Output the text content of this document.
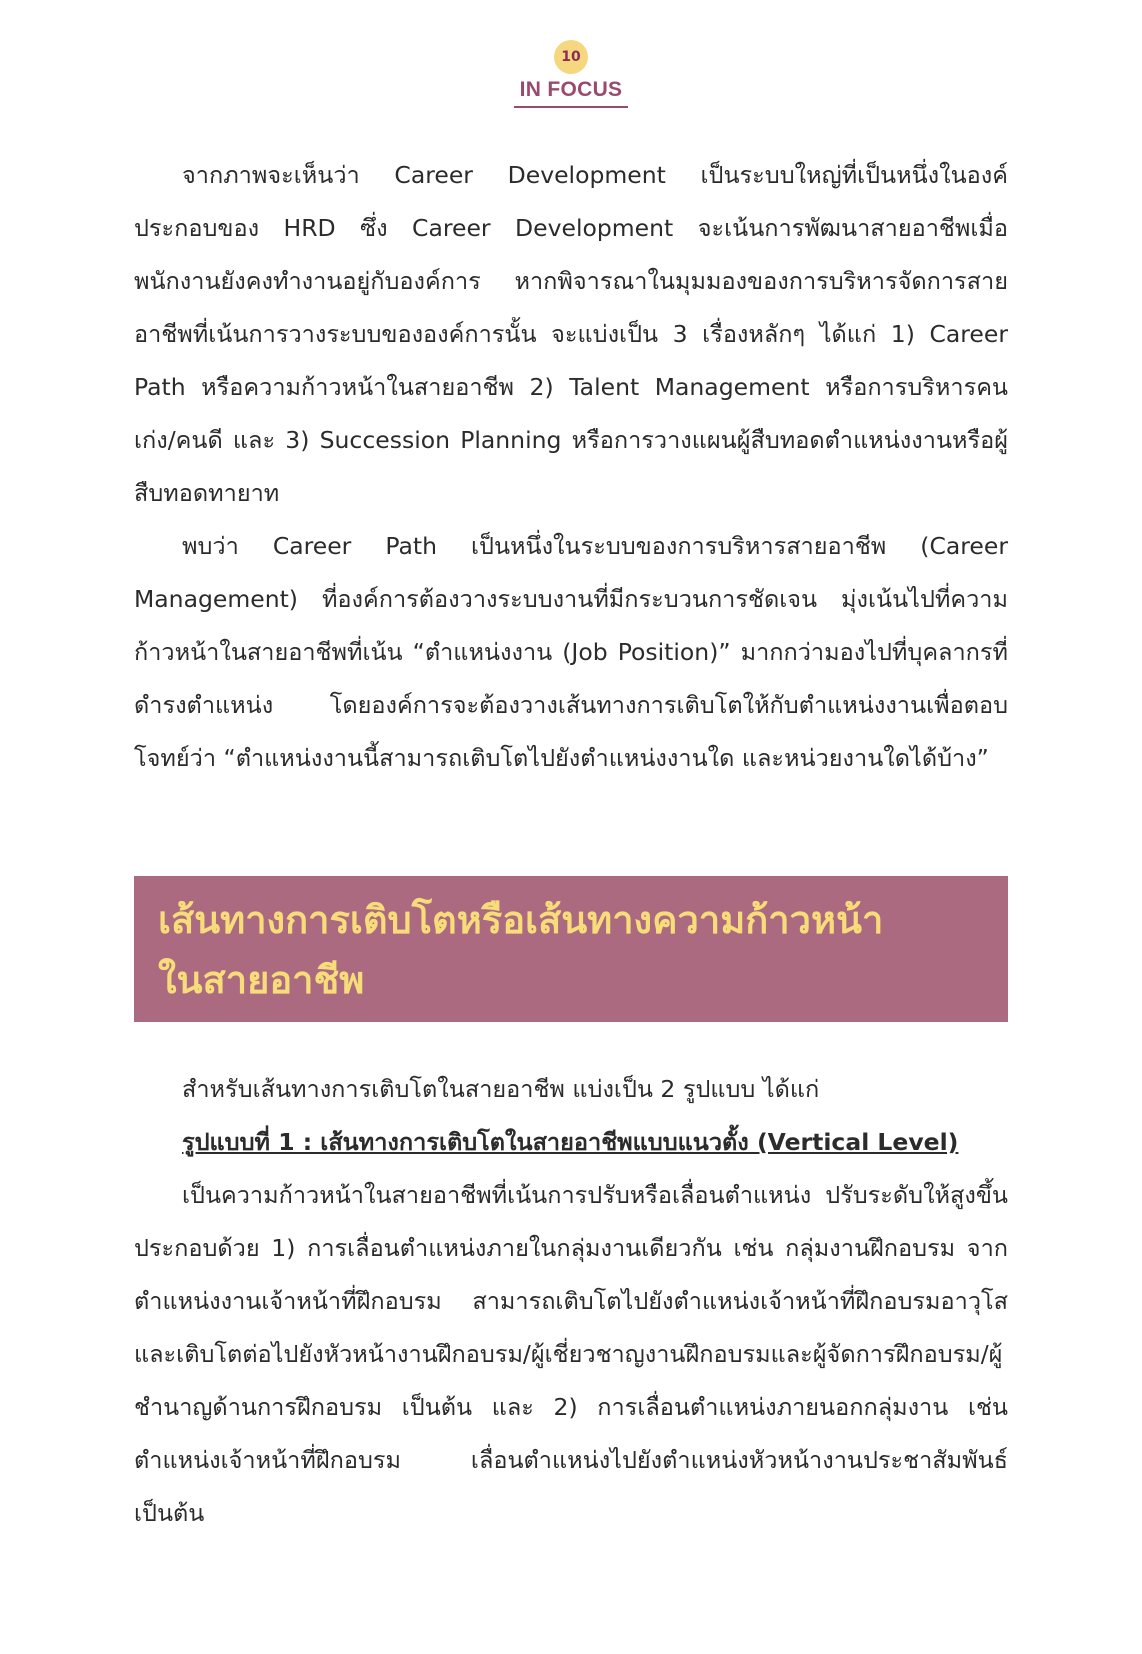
10
IN FOCUS

จากภาพจะเห็นว่า Career Development เป็นระบบใหญ่ที่เป็นหนึ่งในองค์ประกอบของ HRD ซึ่ง Career Development จะเน้นการพัฒนาสายอาชีพเมื่อพนักงานยังคงทำงานอยู่กับองค์การ หากพิจารณาในมุมมองของการบริหารจัดการสายอาชีพที่เน้นการวางระบบขององค์การนั้น จะแบ่งเป็น 3 เรื่องหลักๆ ได้แก่ 1) Career Path หรือความก้าวหน้าในสายอาชีพ 2) Talent Management หรือการบริหารคนเก่ง/คนดี และ 3) Succession Planning หรือการวางแผนผู้สืบทอดตำแหน่งงานหรือผู้สืบทอดทายาท

พบว่า Career Path เป็นหนึ่งในระบบของการบริหารสายอาชีพ (Career Management) ที่องค์การต้องวางระบบงานที่มีกระบวนการชัดเจน มุ่งเน้นไปที่ความก้าวหน้าในสายอาชีพที่เน้น “ตำแหน่งงาน (Job Position)” มากกว่ามองไปที่บุคลากรที่ดำรงตำแหน่ง โดยองค์การจะต้องวางเส้นทางการเติบโตให้กับตำแหน่งงานเพื่อตอบโจทย์ว่า “ตำแหน่งงานนี้สามารถเติบโตไปยังตำแหน่งงานใด และหน่วยงานใดได้บ้าง”

เส้นทางการเติบโตหรือเส้นทางความก้าวหน้า
ในสายอาชีพ

สำหรับเส้นทางการเติบโตในสายอาชีพ แบ่งเป็น 2 รูปแบบ ได้แก่

รูปแบบที่ 1 : เส้นทางการเติบโตในสายอาชีพแบบแนวตั้ง (Vertical Level)

เป็นความก้าวหน้าในสายอาชีพที่เน้นการปรับหรือเลื่อนตำแหน่ง ปรับระดับให้สูงขึ้น ประกอบด้วย 1) การเลื่อนตำแหน่งภายในกลุ่มงานเดียวกัน เช่น กลุ่มงานฝึกอบรม จากตำแหน่งงานเจ้าหน้าที่ฝึกอบรม สามารถเติบโตไปยังตำแหน่งเจ้าหน้าที่ฝึกอบรมอาวุโส และเติบโตต่อไปยังหัวหน้างานฝึกอบรม/ผู้เชี่ยวชาญงานฝึกอบรมและผู้จัดการฝึกอบรม/ผู้ชำนาญด้านการฝึกอบรม เป็นต้น และ 2) การเลื่อนตำแหน่งภายนอกกลุ่มงาน เช่นตำแหน่งเจ้าหน้าที่ฝึกอบรม เลื่อนตำแหน่งไปยังตำแหน่งหัวหน้างานประชาสัมพันธ์ เป็นต้น
